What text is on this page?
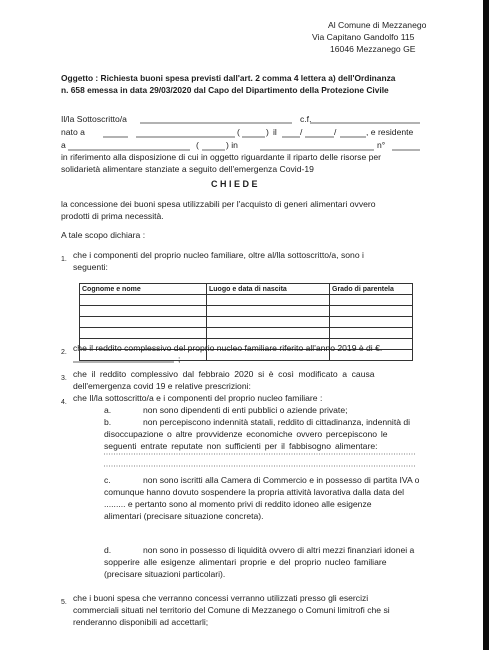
Al Comune di Mezzanego
Via Capitano Gandolfo 115
16046 Mezzanego GE
Oggetto : Richiesta buoni spesa previsti dall'art. 2 comma 4 lettera a) dell'Ordinanza
n. 658 emessa in data 29/03/2020 dal Capo del Dipartimento della Protezione Civile
Il/la Sottoscritto/a	c.f.
nato a	(	) il	/	/	, e residente
a	(	) in	n°
in riferimento alla disposizione di cui in oggetto riguardante il riparto delle risorse per
solidarietà alimentare stanziate a seguito dell'emergenza Covid-19
C H I E D E
la concessione dei buoni spesa utilizzabili per l'acquisto di generi alimentari ovvero
prodotti di prima necessità.
A tale scopo dichiara :
1. che i componenti del proprio nucleo familiare, oltre al/lla sottoscritto/a, sono i
seguenti:
Cognome e nome	Luogo e data di nascita	Grado di parentela

2. che il reddito complessivo del proprio nucleo familiare riferito all'anno 2019 è di €.
;
3. che il reddito complessivo dal febbraio 2020 si è così modificato a causa
dell'emergenza covid 19 e relative prescrizioni:
4. che Il/la sottoscritto/a e i componenti del proprio nucleo familiare :
a.	non sono dipendenti di enti pubblici o aziende private;
b.	non percepiscono indennità statali, reddito di cittadinanza, indennità di
disoccupazione o altre provvidenze economiche ovvero percepiscono le
seguenti entrate reputate non sufficienti per il fabbisogno alimentare:
c.	non sono iscritti alla Camera di Commercio e in possesso di partita IVA o
comunque hanno dovuto sospendere la propria attività lavorativa dalla data del
......... e pertanto sono al momento privi di reddito idoneo alle esigenze
alimentari (precisare situazione concreta).
d.	non sono in possesso di liquidità ovvero di altri mezzi finanziari idonei a
sopperire alle esigenze alimentari proprie e del proprio nucleo familiare
(precisare situazioni particolari).
5. che i buoni spesa che verranno concessi verranno utilizzati presso gli esercizi
commerciali situati nel territorio del Comune di Mezzanego o Comuni limitrofi che si
renderanno disponibili ad accettarli;
